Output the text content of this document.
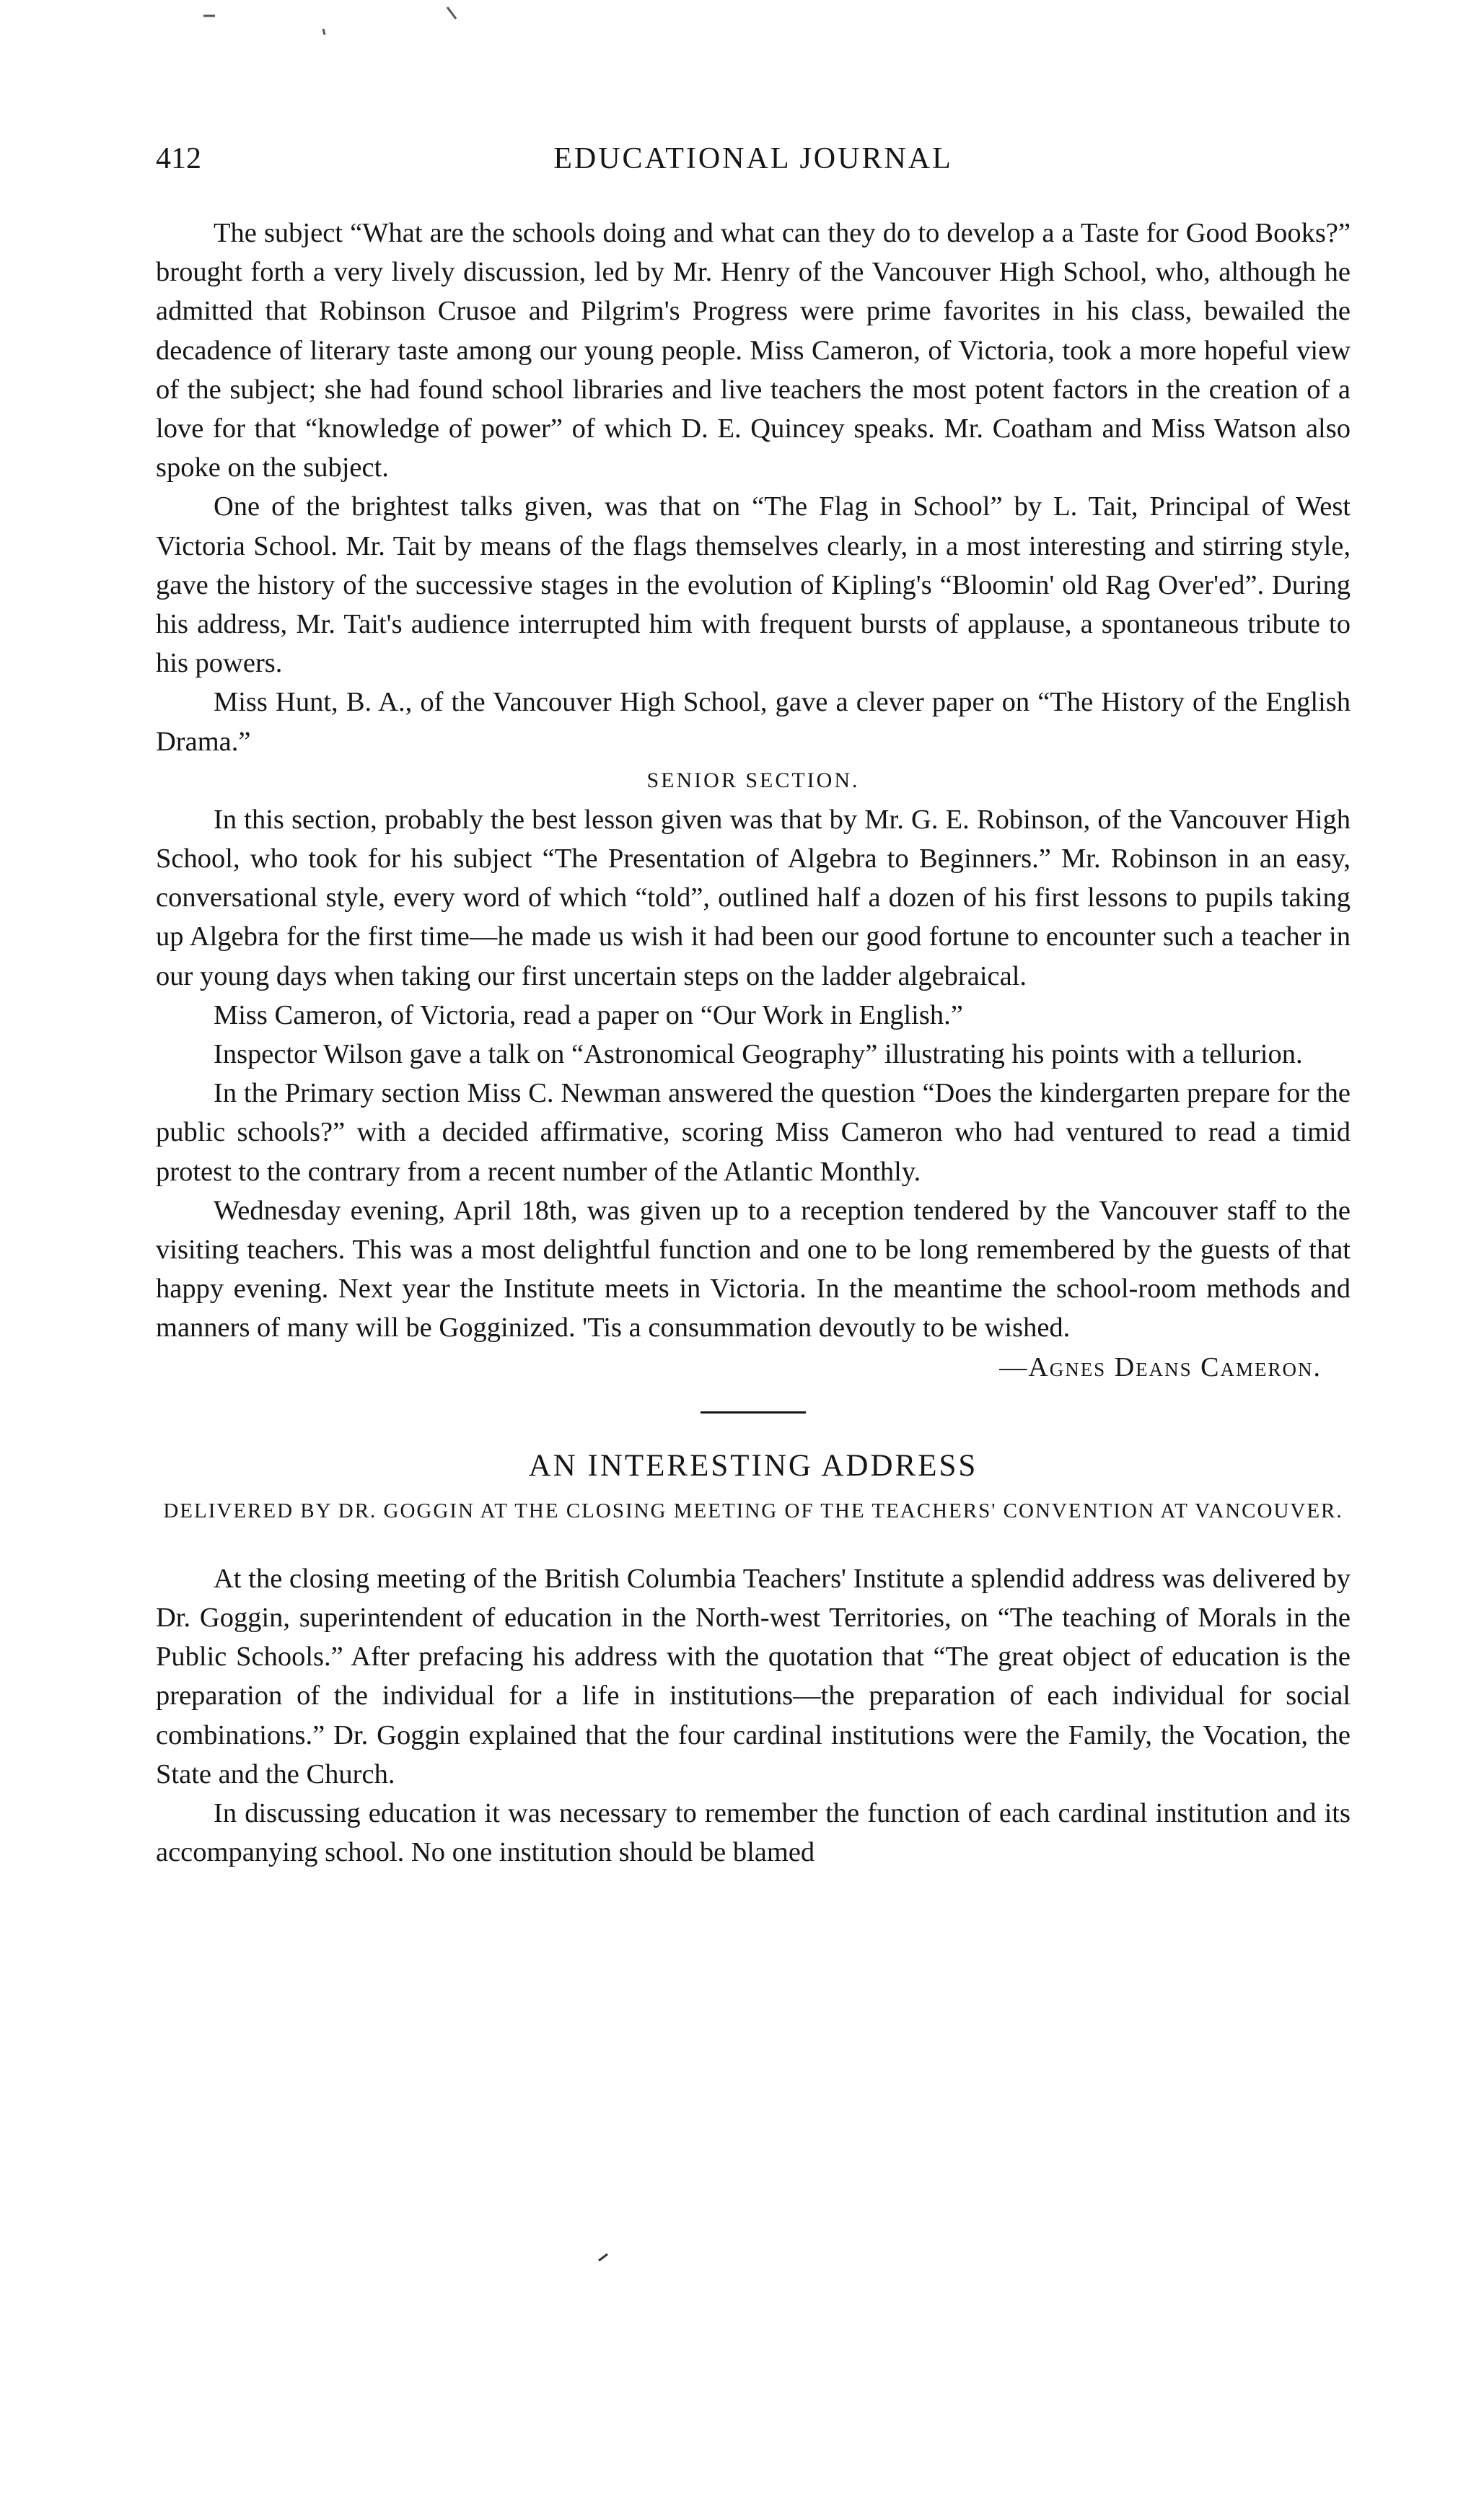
412	EDUCATIONAL JOURNAL

The subject “What are the schools doing and what can they do to develop a a Taste for Good Books?” brought forth a very lively discussion, led by Mr. Henry of the Vancouver High School, who, although he admitted that Robinson Crusoe and Pilgrim's Progress were prime favorites in his class, bewailed the decadence of literary taste among our young people. Miss Cameron, of Victoria, took a more hopeful view of the subject; she had found school libraries and live teachers the most potent factors in the creation of a love for that “knowledge of power” of which D. E. Quincey speaks. Mr. Coatham and Miss Watson also spoke on the subject.

One of the brightest talks given, was that on “The Flag in School” by L. Tait, Principal of West Victoria School. Mr. Tait by means of the flags themselves clearly, in a most interesting and stirring style, gave the history of the successive stages in the evolution of Kipling's “Bloomin' old Rag Over'ed”. During his address, Mr. Tait's audience interrupted him with frequent bursts of applause, a spontaneous tribute to his powers.

Miss Hunt, B. A., of the Vancouver High School, gave a clever paper on “The History of the English Drama.”

SENIOR SECTION.

In this section, probably the best lesson given was that by Mr. G. E. Robinson, of the Vancouver High School, who took for his subject “The Presentation of Algebra to Beginners.” Mr. Robinson in an easy, conversational style, every word of which “told”, outlined half a dozen of his first lessons to pupils taking up Algebra for the first time—he made us wish it had been our good fortune to encounter such a teacher in our young days when taking our first uncertain steps on the ladder algebraical.

Miss Cameron, of Victoria, read a paper on “Our Work in English.”

Inspector Wilson gave a talk on “Astronomical Geography” illustrating his points with a tellurion.

In the Primary section Miss C. Newman answered the question “Does the kindergarten prepare for the public schools?” with a decided affirmative, scoring Miss Cameron who had ventured to read a timid protest to the contrary from a recent number of the Atlantic Monthly.

Wednesday evening, April 18th, was given up to a reception tendered by the Vancouver staff to the visiting teachers. This was a most delightful function and one to be long remembered by the guests of that happy evening. Next year the Institute meets in Victoria. In the meantime the school-room methods and manners of many will be Gogginized. 'Tis a consummation devoutly to be wished.

—Agnes Deans Cameron.
AN INTERESTING ADDRESS
DELIVERED BY DR. GOGGIN AT THE CLOSING MEETING OF THE TEACHERS' CONVENTION AT VANCOUVER.

At the closing meeting of the British Columbia Teachers' Institute a splendid address was delivered by Dr. Goggin, superintendent of education in the North-west Territories, on “The teaching of Morals in the Public Schools.” After prefacing his address with the quotation that “The great object of education is the preparation of the individual for a life in institutions—the preparation of each individual for social combinations.” Dr. Goggin explained that the four cardinal institutions were the Family, the Vocation, the State and the Church.

In discussing education it was necessary to remember the function of each cardinal institution and its accompanying school. No one institution should be blamed
